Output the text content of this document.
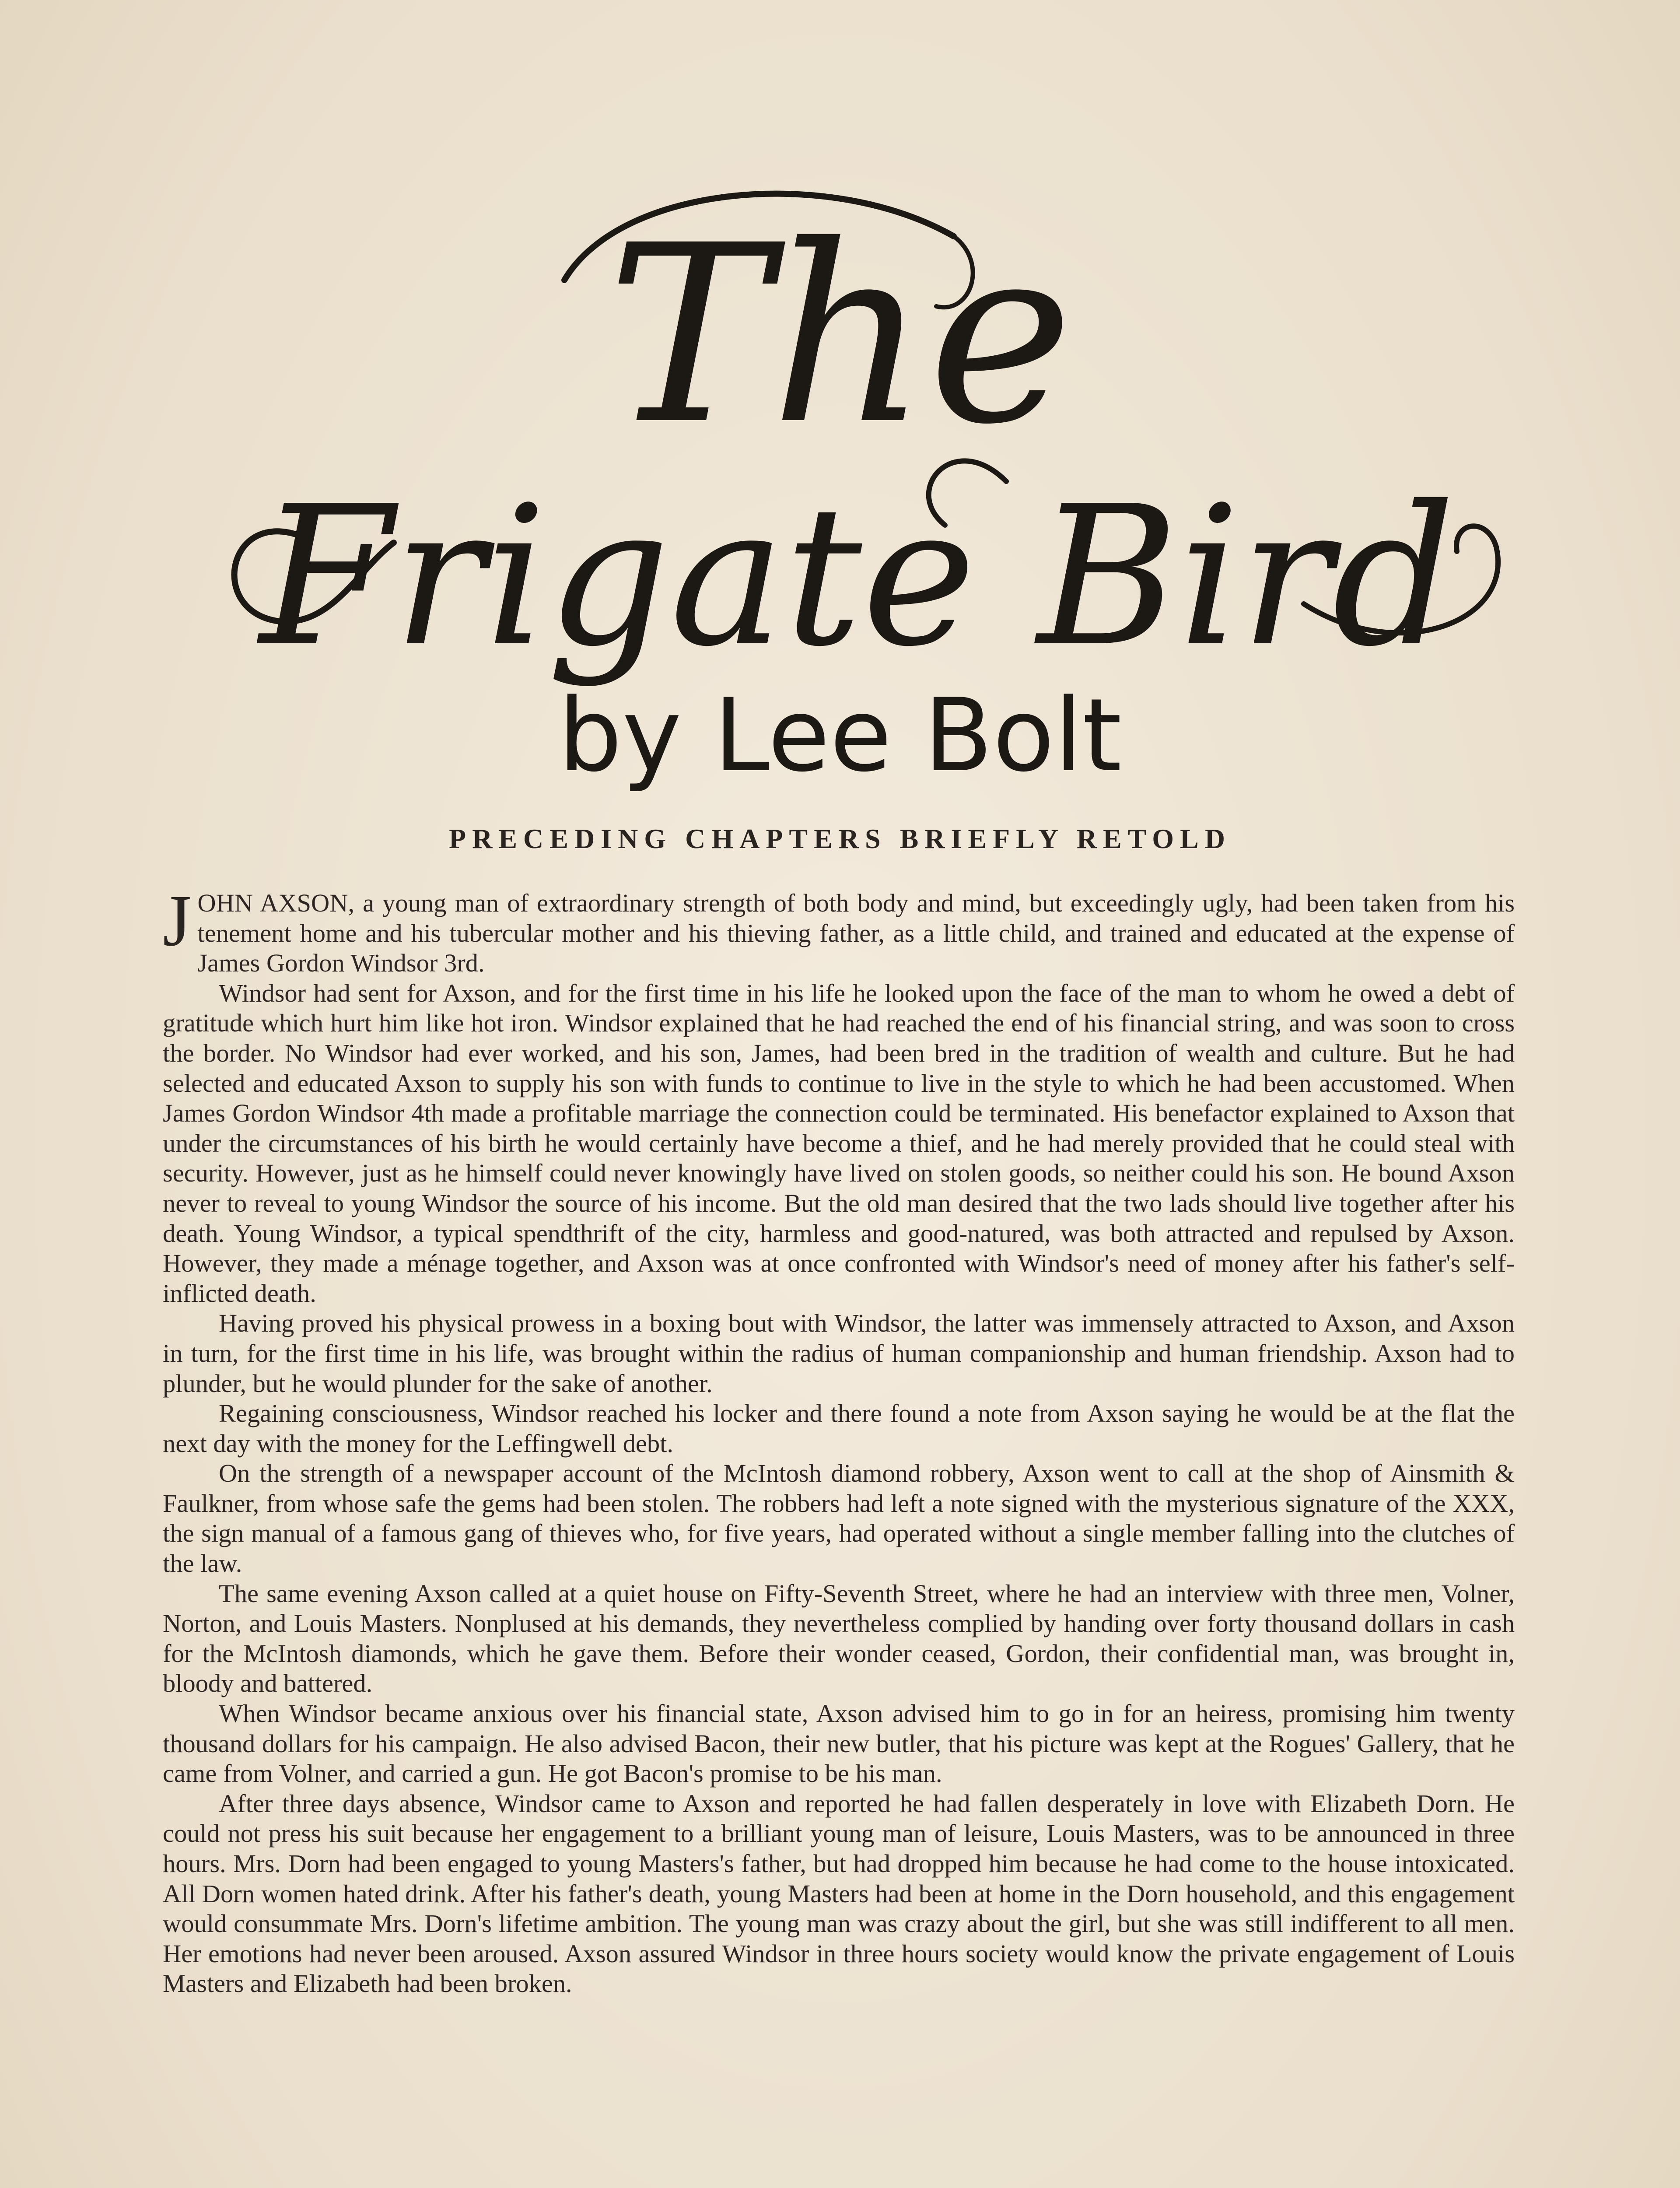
The
Frigate Bird
by Lee Bolt
PRECEDING CHAPTERS BRIEFLY RETOLD

JOHN AXSON, a young man of extraordinary strength of both body and mind, but exceedingly ugly, had been taken from his tenement home and his tubercular mother and his thieving father, as a little child, and trained and educated at the expense of James Gordon Windsor 3rd.

Windsor had sent for Axson, and for the first time in his life he looked upon the face of the man to whom he owed a debt of gratitude which hurt him like hot iron. Windsor explained that he had reached the end of his financial string, and was soon to cross the border. No Windsor had ever worked, and his son, James, had been bred in the tradition of wealth and culture. But he had selected and educated Axson to supply his son with funds to continue to live in the style to which he had been accustomed. When James Gordon Windsor 4th made a profitable marriage the connection could be terminated. His benefactor explained to Axson that under the circumstances of his birth he would certainly have become a thief, and he had merely provided that he could steal with security. However, just as he himself could never knowingly have lived on stolen goods, so neither could his son. He bound Axson never to reveal to young Windsor the source of his income. But the old man desired that the two lads should live together after his death. Young Windsor, a typical spendthrift of the city, harmless and good-natured, was both attracted and repulsed by Axson. However, they made a ménage together, and Axson was at once confronted with Windsor's need of money after his father's self-inflicted death.

Having proved his physical prowess in a boxing bout with Windsor, the latter was immensely attracted to Axson, and Axson in turn, for the first time in his life, was brought within the radius of human companionship and human friendship. Axson had to plunder, but he would plunder for the sake of another.

Regaining consciousness, Windsor reached his locker and there found a note from Axson saying he would be at the flat the next day with the money for the Leffingwell debt.

On the strength of a newspaper account of the McIntosh diamond robbery, Axson went to call at the shop of Ainsmith & Faulkner, from whose safe the gems had been stolen. The robbers had left a note signed with the mysterious signature of the XXX, the sign manual of a famous gang of thieves who, for five years, had operated without a single member falling into the clutches of the law.

The same evening Axson called at a quiet house on Fifty-Seventh Street, where he had an interview with three men, Volner, Norton, and Louis Masters. Nonplused at his demands, they nevertheless complied by handing over forty thousand dollars in cash for the McIntosh diamonds, which he gave them. Before their wonder ceased, Gordon, their confidential man, was brought in, bloody and battered.

When Windsor became anxious over his financial state, Axson advised him to go in for an heiress, promising him twenty thousand dollars for his campaign. He also advised Bacon, their new butler, that his picture was kept at the Rogues' Gallery, that he came from Volner, and carried a gun. He got Bacon's promise to be his man.

After three days absence, Windsor came to Axson and reported he had fallen desperately in love with Elizabeth Dorn. He could not press his suit because her engagement to a brilliant young man of leisure, Louis Masters, was to be announced in three hours. Mrs. Dorn had been engaged to young Masters's father, but had dropped him because he had come to the house intoxicated. All Dorn women hated drink. After his father's death, young Masters had been at home in the Dorn household, and this engagement would consummate Mrs. Dorn's lifetime ambition. The young man was crazy about the girl, but she was still indifferent to all men. Her emotions had never been aroused. Axson assured Windsor in three hours society would know the private engagement of Louis Masters and Elizabeth had been broken.
